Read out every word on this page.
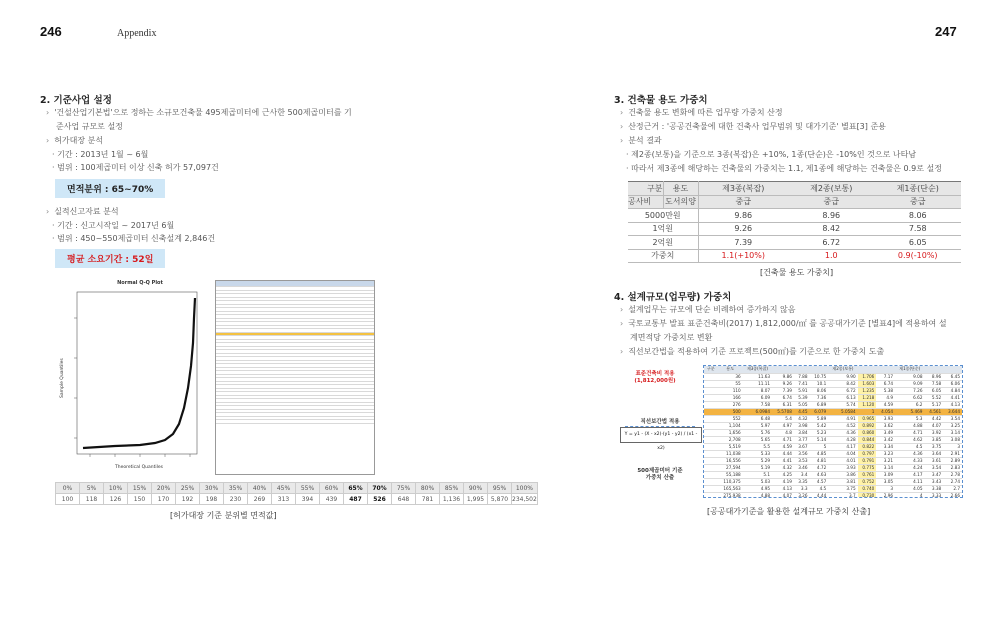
246	Appendix	247
2. 기준사업 설정
› '건설산업기본법'으로 정하는 소규모건축물 495제곱미터에 근사한 500제곱미터를 기
준사업 규모로 설정
› 허가대장 분석
· 기간 : 2013년 1월 ~ 6월
· 범위 : 100제곱미터 이상 신축 허가 57,097건
면적분위 : 65~70%
› 실적신고자료 분석
· 기간 : 신고시작일 ~ 2017년 6월
· 범위 : 450~550제곱미터 신축설계 2,846건
평균 소요기간 : 52일
Normal Q-Q Plot
Theoretical Quantiles
Sample Quantiles
0%	5%	10%	15%	20%	25%	30%	35%	40%	45%	55%	60%	65%	70%	75%	80%	85%	90%	95%	100%
100	118	126	150	170	192	198	230	269	313	394	439	487	526	648	781	1,136	1,995	5,870	234,502
[허가대장 기준 분위별 면적값]
3. 건축물 용도 가중치
› 건축물 용도 변화에 따른 업무량 가중치 산정
› 산정근거 : '공공건축물에 대한 건축사 업무범위 및 대가기준' 별표[3] 준용
› 분석 결과
· 제2종(보통)을 기준으로 3종(복잡)은 +10%, 1종(단순)은 -10%인 것으로 나타남
· 따라서 제3종에 해당하는 건축물의 가중치는 1.1, 제1종에 해당하는 건축물은 0.9로 설정
구분	용도	제3종(복잡)	제2종(보통)	제1종(단순)
공사비	도서의양	중급	중급	중급
5000만원		9.86	8.96	8.06
1억원		9.26	8.42	7.58
2억원		7.39	6.72	6.05
가중치		1.1(+10%)	1.0	0.9(-10%)
[건축물 용도 가중치]
4. 설계규모(업무량) 가중치
› 설계업무는 규모에 단순 비례하여 증가하지 않음
› 국토교통부 발표 표준건축비(2017) 1,812,000/㎡ 를 공공대가기준 [별표4]에 적용하여 설
계면적당 가중치로 변환
› 직선보간법을 적용하여 기준 프로젝트(500㎡)를 기준으로 한 가중치 도출
표준건축비 적용
(1,812,000원)
직선보간법 적용
Y = y1 - (X - x2)·(y1 - y2) / (x1 - x2)
500제곱미터 기준
가중치 산출
구분	용도	제3종(복잡)				제2종(보통)			제1종(단순)		
	36	11.63	9.86	7.88	10.75	9.90	1.706	7.17	9.08	8.96	6.45
	55	11.11	9.26	7.41	10.1	8.42	1.603	6.74	9.09	7.58	6.06
	110	8.07	7.39	5.91	8.06	6.72	1.235	5.38	7.26	6.05	4.84
	166	6.09	6.74	5.39	7.36	6.13	1.218	4.9	6.62	5.52	4.41
	276	7.58	6.31	5.05	6.89	5.74	1.120	4.59	6.2	5.17	4.13
	500	6.0984	5.5708	4.45	6.079	5.0584	1	4.054	5.469	4.561	3.644
	552	6.48	5.4	4.32	5.89	4.91	0.965	3.93	5.3	4.42	3.54
	1,104	5.97	4.97	3.98	5.42	4.52	0.892	3.62	4.88	4.07	3.25
	1,656	5.76	4.8	3.84	5.23	4.36	0.860	3.49	4.71	3.92	3.14
	2,708	5.65	4.71	3.77	5.14	4.28	0.844	3.42	4.62	3.85	3.08
	5,519	5.5	4.59	3.67	5	4.17	0.822	3.34	4.5	3.75	3
	11,038	5.33	4.44	3.56	4.85	4.04	0.797	3.23	4.36	3.64	2.91
	16,556	5.29	4.41	3.53	4.81	4.01	0.791	3.21	4.33	3.61	2.89
	27,594	5.19	4.32	3.46	4.72	3.93	0.775	3.14	4.24	3.54	2.83
	55,188	5.1	4.25	3.4	4.63	3.86	0.761	3.09	4.17	3.47	2.78
	110,375	5.03	4.19	3.35	4.57	3.81	0.752	3.05	4.11	3.43	2.74
	165,563	4.95	4.13	3.3	4.5	3.75	0.740	3	4.05	3.38	2.7
	275,938	4.88	4.07	3.26	4.44	3.7	0.730	2.96	4	3.33	2.66
[공공대가기준을 활용한 설계규모 가중치 산출]
